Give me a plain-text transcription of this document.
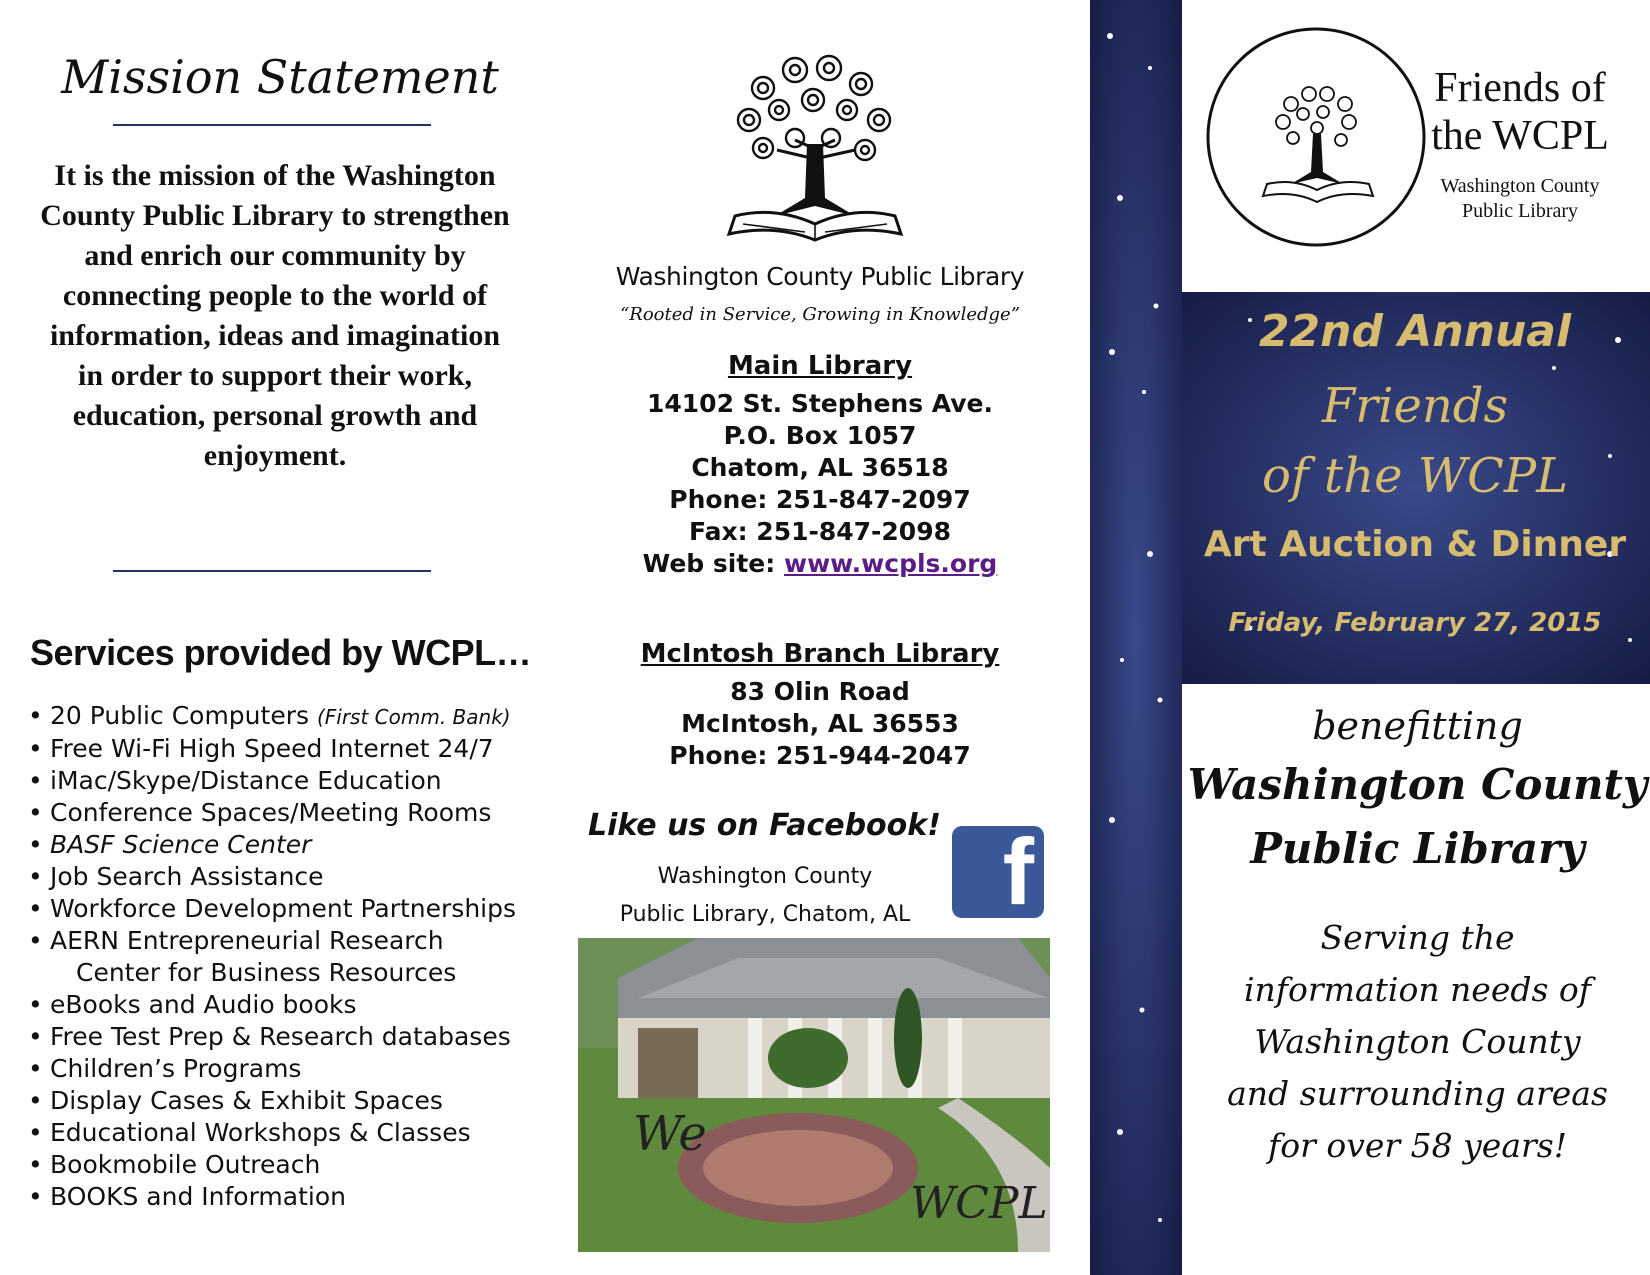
Mission Statement
It is the mission of the Washington County Public Library to strengthen and enrich our community by connecting people to the world of information, ideas and imagination in order to support their work, education, personal growth and enjoyment.
Services provided by WCPL…
• 20 Public Computers (First Comm. Bank)
• Free Wi-Fi High Speed Internet 24/7
• iMac/Skype/Distance Education
• Conference Spaces/Meeting Rooms
• BASF Science Center
• Job Search Assistance
• Workforce Development Partnerships
• AERN Entrepreneurial Research
Center for Business Resources
• eBooks and Audio books
• Free Test Prep & Research databases
• Children’s Programs
• Display Cases & Exhibit Spaces
• Educational Workshops & Classes
• Bookmobile Outreach
• BOOKS and Information
Washington County Public Library
“Rooted in Service, Growing in Knowledge”
Main Library
14102 St. Stephens Ave.
P.O. Box 1057
Chatom, AL 36518
Phone: 251-847-2097
Fax: 251-847-2098
Web site: www.wcpls.org
McIntosh Branch Library
83 Olin Road
McIntosh, AL 36553
Phone: 251-944-2047
Like us on Facebook!
Washington County
Public Library, Chatom, AL f
We
WCPL
Friends of
the WCPL
Washington County
Public Library
22nd Annual
Friends
of the WCPL
Art Auction & Dinner
Friday, February 27, 2015
benefitting
Washington County
Public Library
Serving the
information needs of
Washington County
and surrounding areas
for over 58 years!
